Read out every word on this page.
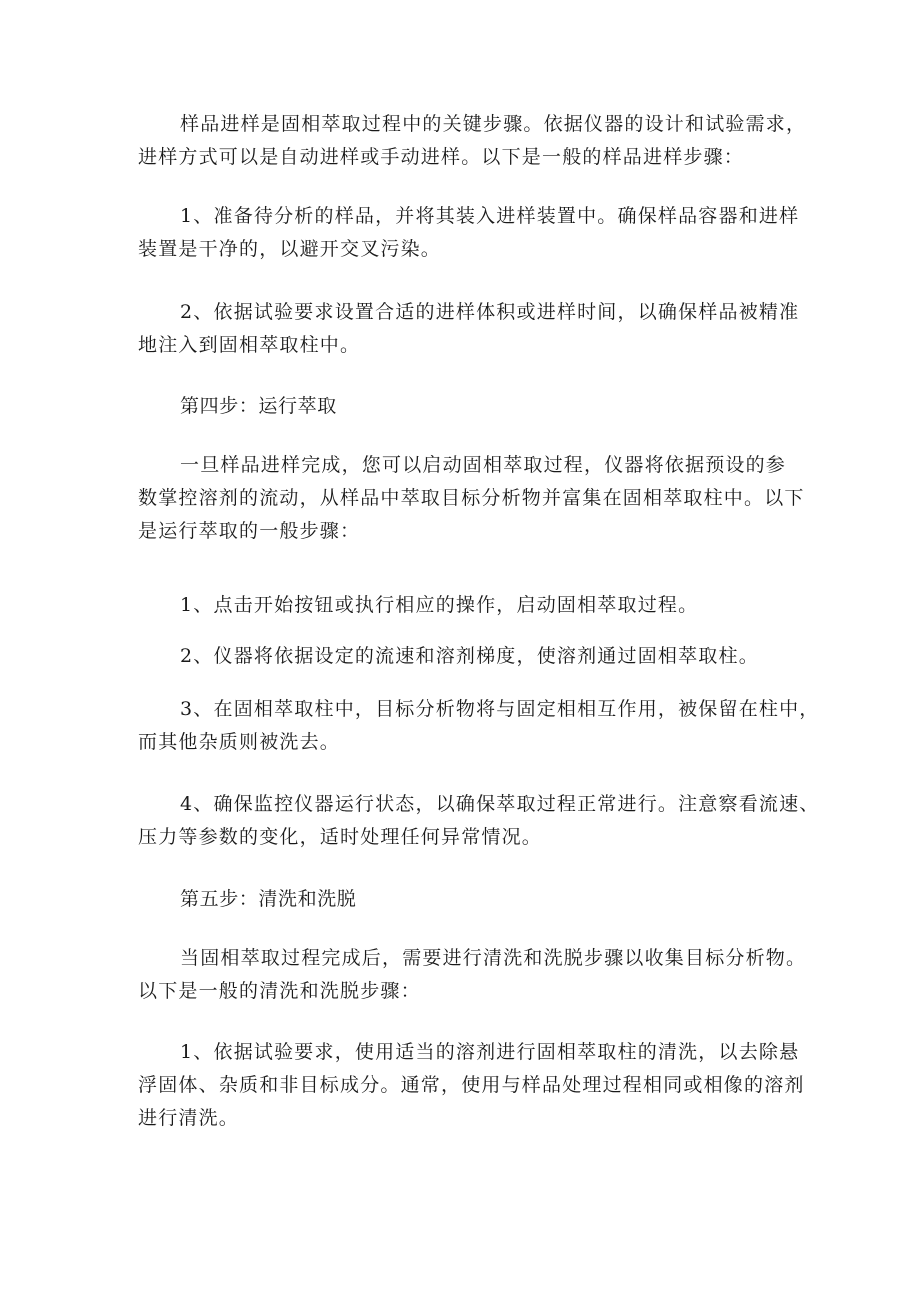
样品进样是固相萃取过程中的关键步骤。依据仪器的设计和试验需求，
进样方式可以是自动进样或手动进样。以下是一般的样品进样步骤：

1、准备待分析的样品，并将其装入进样装置中。确保样品容器和进样
装置是干净的，以避开交叉污染。

2、依据试验要求设置合适的进样体积或进样时间，以确保样品被精准
地注入到固相萃取柱中。

第四步：运行萃取

一旦样品进样完成，您可以启动固相萃取过程，仪器将依据预设的参
数掌控溶剂的流动，从样品中萃取目标分析物并富集在固相萃取柱中。以下
是运行萃取的一般步骤：

1、点击开始按钮或执行相应的操作，启动固相萃取过程。

2、仪器将依据设定的流速和溶剂梯度，使溶剂通过固相萃取柱。

3、在固相萃取柱中，目标分析物将与固定相相互作用，被保留在柱中，
而其他杂质则被洗去。

4、确保监控仪器运行状态，以确保萃取过程正常进行。注意察看流速、
压力等参数的变化，适时处理任何异常情况。

第五步：清洗和洗脱

当固相萃取过程完成后，需要进行清洗和洗脱步骤以收集目标分析物。
以下是一般的清洗和洗脱步骤：

1、依据试验要求，使用适当的溶剂进行固相萃取柱的清洗，以去除悬
浮固体、杂质和非目标成分。通常，使用与样品处理过程相同或相像的溶剂
进行清洗。
